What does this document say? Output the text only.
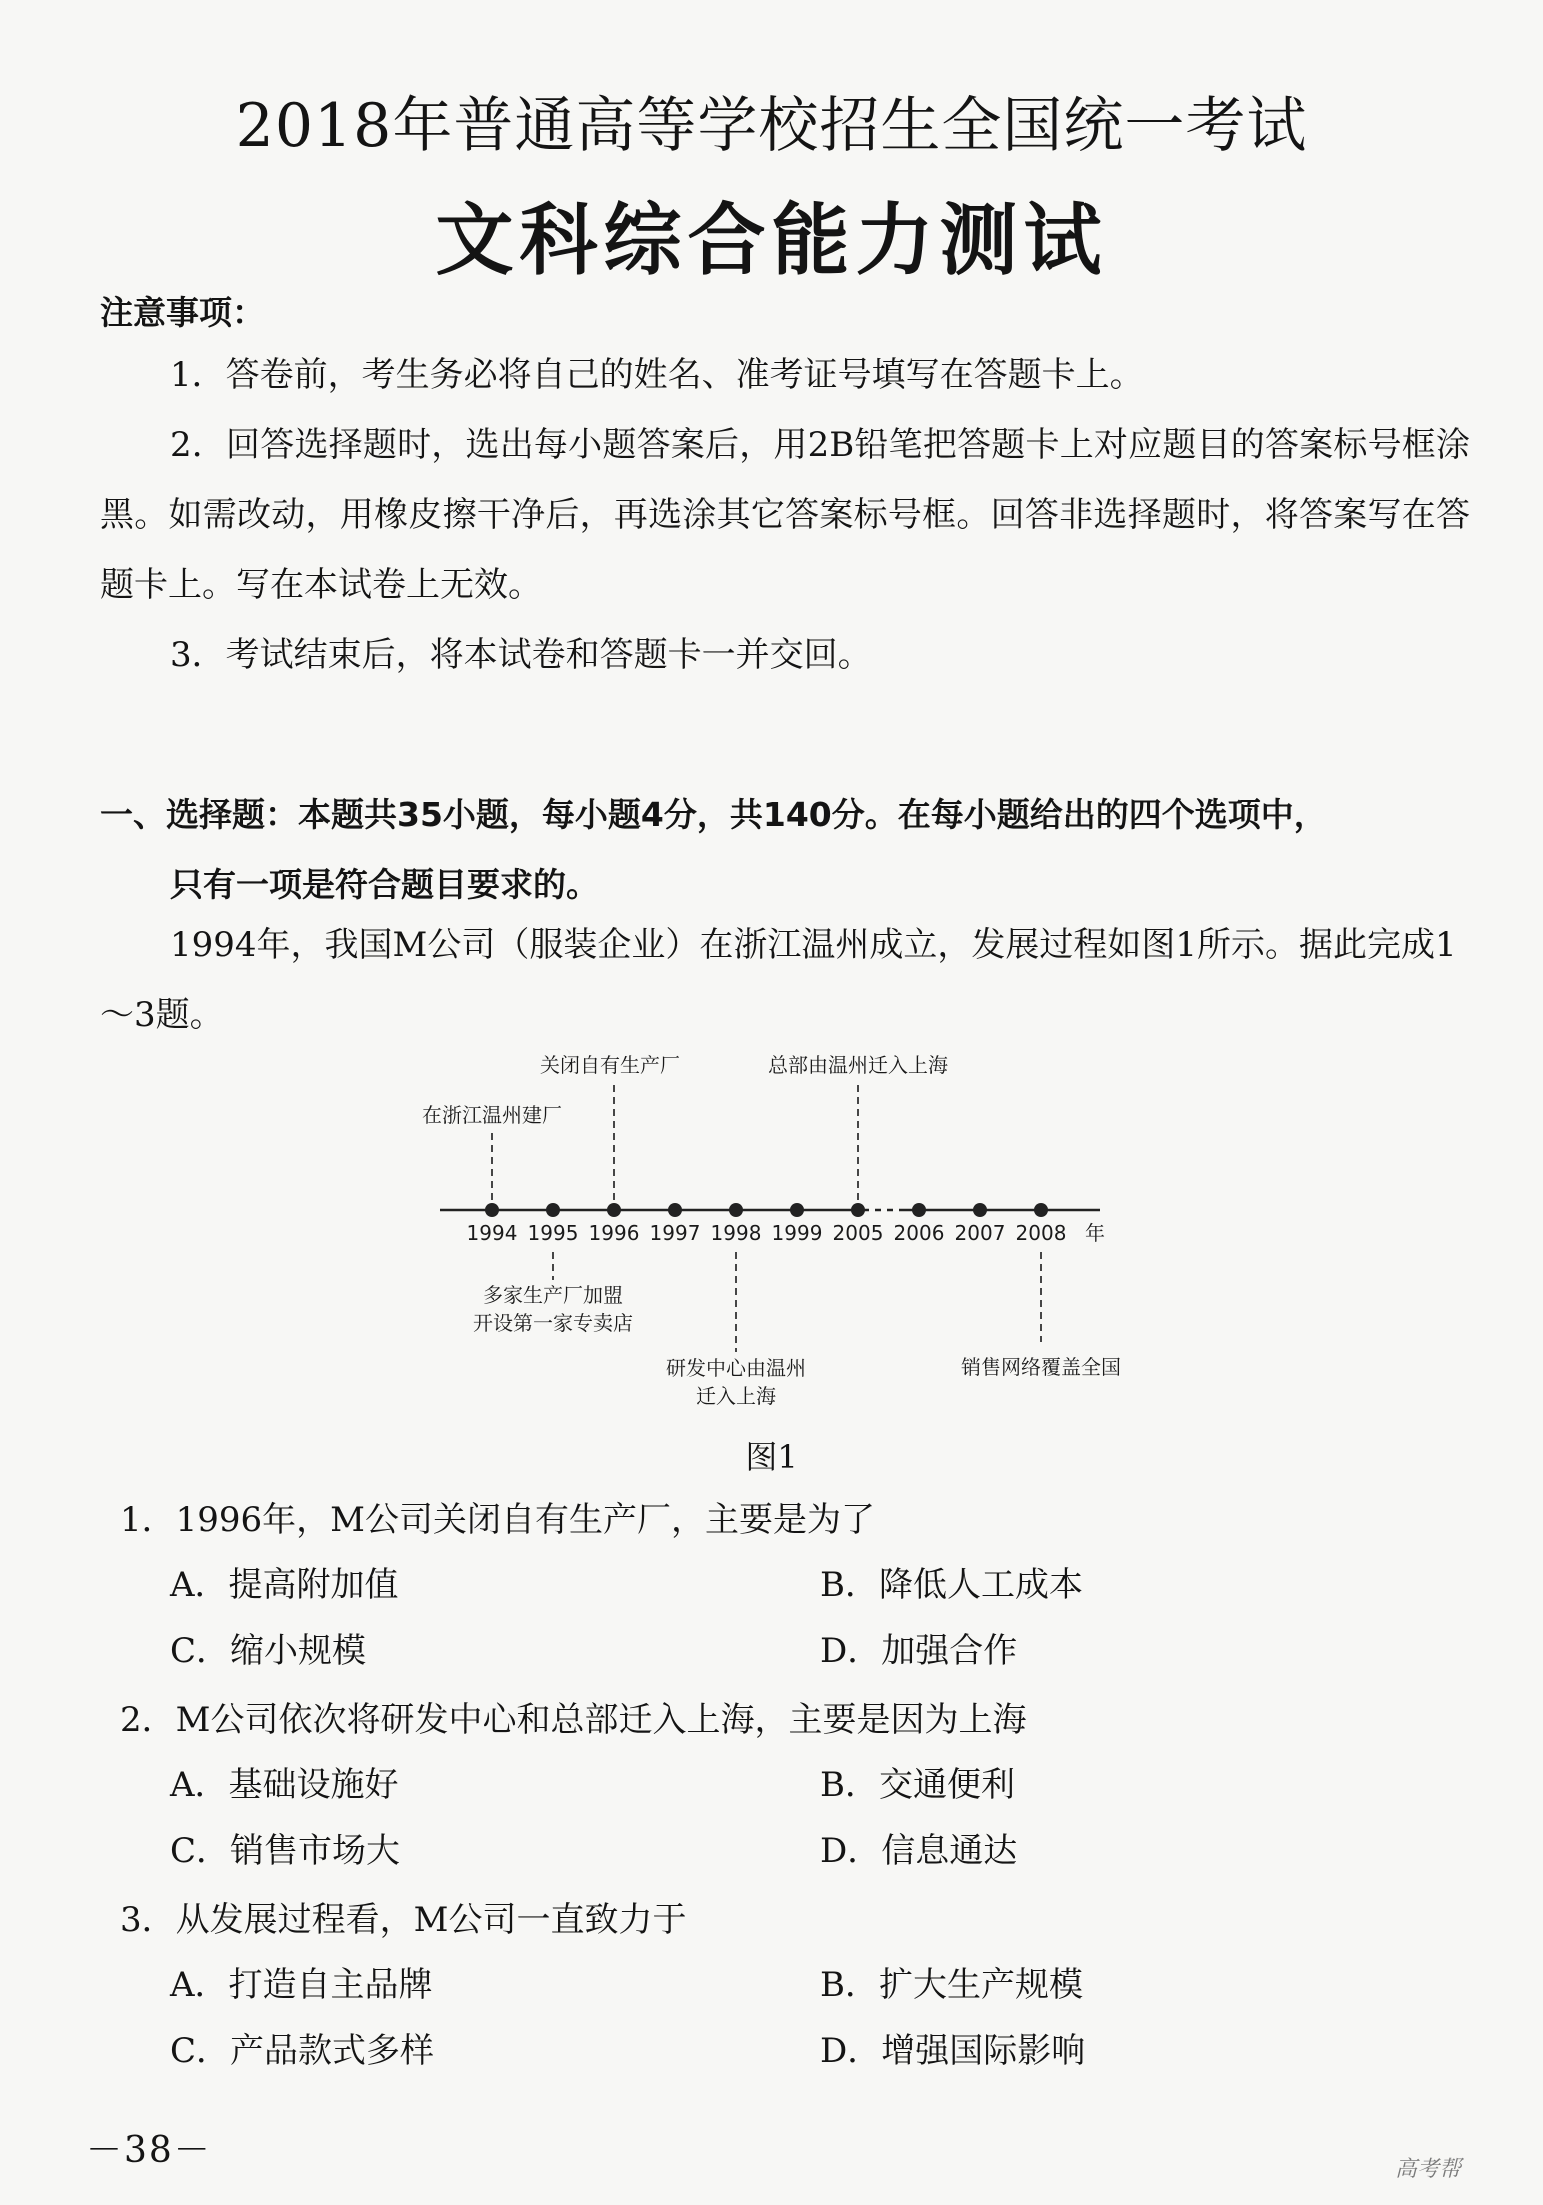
2018年普通高等学校招生全国统一考试
文科综合能力测试
注意事项：
1．答卷前，考生务必将自己的姓名、准考证号填写在答题卡上。
2．回答选择题时，选出每小题答案后，用2B铅笔把答题卡上对应题目的答案标号框涂黑。如需改动，用橡皮擦干净后，再选涂其它答案标号框。回答非选择题时，将答案写在答题卡上。写在本试卷上无效。
3．考试结束后，将本试卷和答题卡一并交回。
一、选择题：本题共35小题，每小题4分，共140分。在每小题给出的四个选项中，
只有一项是符合题目要求的。
1994年，我国M公司（服装企业）在浙江温州成立，发展过程如图1所示。据此完成1～3题。
1994 1995 1996 1997 1998 1999 2005 2006 2007 2008 年
在浙江温州建厂
关闭自有生产厂	总部由温州迁入上海
多家生产厂加盟
开设第一家专卖店
研发中心由温州
迁入上海
销售网络覆盖全国
图1
1．1996年，M公司关闭自有生产厂，主要是为了
A．提高附加值	B．降低人工成本
C．缩小规模	D．加强合作
2．M公司依次将研发中心和总部迁入上海，主要是因为上海
A．基础设施好	B．交通便利
C．销售市场大	D．信息通达
3．从发展过程看，M公司一直致力于
A．打造自主品牌	B．扩大生产规模
C．产品款式多样	D．增强国际影响
－38－	高考帮
